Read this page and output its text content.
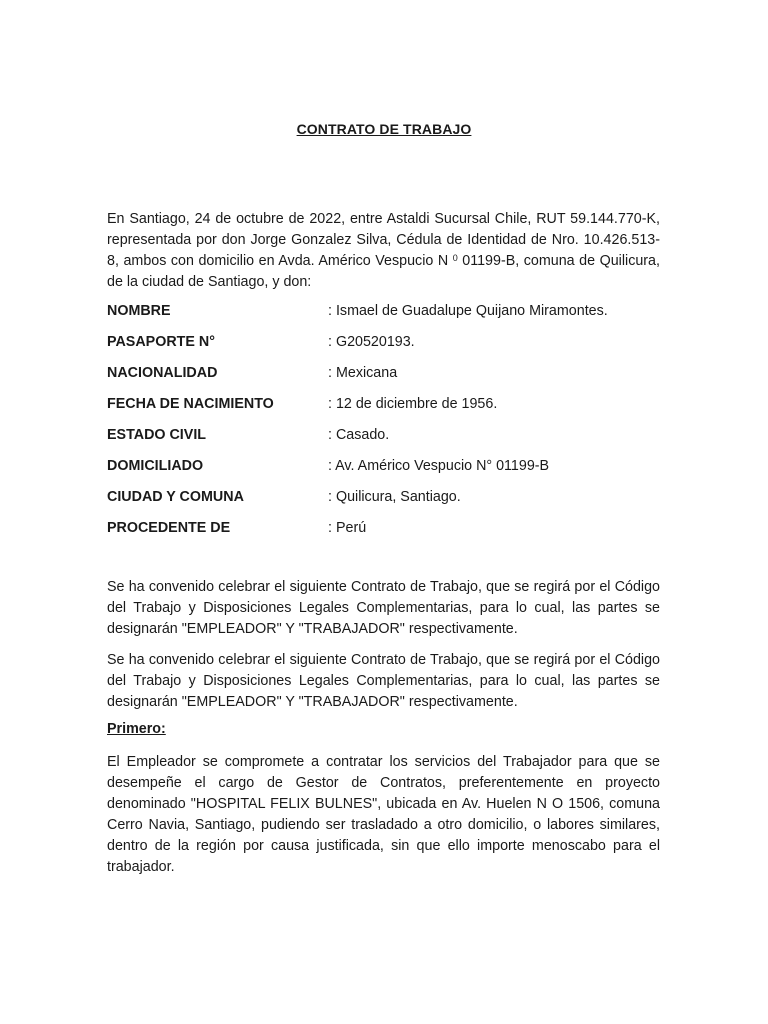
CONTRATO DE TRABAJO
En Santiago, 24 de octubre de 2022, entre Astaldi Sucursal Chile, RUT 59.144.770-K, representada por don Jorge Gonzalez Silva, Cédula de Identidad de Nro. 10.426.513-8, ambos con domicilio en Avda. Américo Vespucio N $^0$ 01199-B, comuna de Quilicura, de la ciudad de Santiago, y don:
NOMBRE	: Ismael de Guadalupe Quijano Miramontes.
PASAPORTE N°	: G20520193.
NACIONALIDAD	: Mexicana
FECHA DE NACIMIENTO	: 12 de diciembre de 1956.
ESTADO CIVIL	: Casado.
DOMICILIADO	: Av. Américo Vespucio N° 01199-B
CIUDAD Y COMUNA	: Quilicura, Santiago.
PROCEDENTE DE	: Perú
Se ha convenido celebrar el siguiente Contrato de Trabajo, que se regirá por el Código del Trabajo y Disposiciones Legales Complementarias, para lo cual, las partes se designarán "EMPLEADOR" Y "TRABAJADOR" respectivamente.
Se ha convenido celebrar el siguiente Contrato de Trabajo, que se regirá por el Código del Trabajo y Disposiciones Legales Complementarias, para lo cual, las partes se designarán "EMPLEADOR" Y "TRABAJADOR" respectivamente.
Primero:
El Empleador se compromete a contratar los servicios del Trabajador para que se desempeñe el cargo de Gestor de Contratos, preferentemente en proyecto denominado "HOSPITAL FELIX BULNES", ubicada en Av. Huelen N O 1506, comuna Cerro Navia, Santiago, pudiendo ser trasladado a otro domicilio, o labores similares, dentro de la región por causa justificada, sin que ello importe menoscabo para el trabajador.
